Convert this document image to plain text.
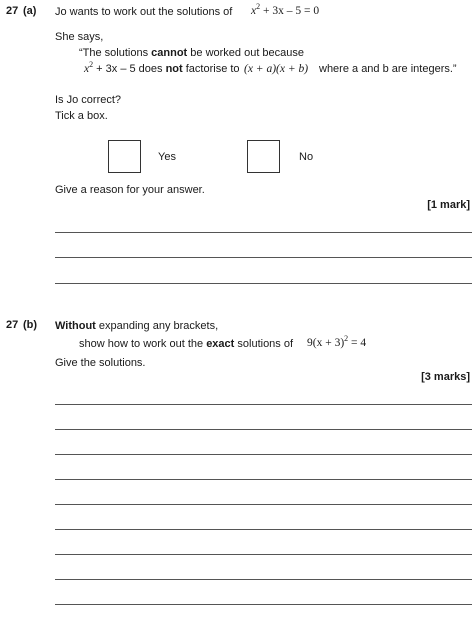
27 (a) Jo wants to work out the solutions of $x^2 + 3x - 5 = 0$
She says,
“The solutions cannot be worked out because
$x^2 + 3x - 5$ does not factorise to (x + a)(x + b) where a and b are integers.”
Is Jo correct?
Tick a box.
Yes	No
Give a reason for your answer.
[1 mark]
27 (b) Without expanding any brackets,
show how to work out the exact solutions of $9(x + 3)^2 = 4$
Give the solutions.
[3 marks]
